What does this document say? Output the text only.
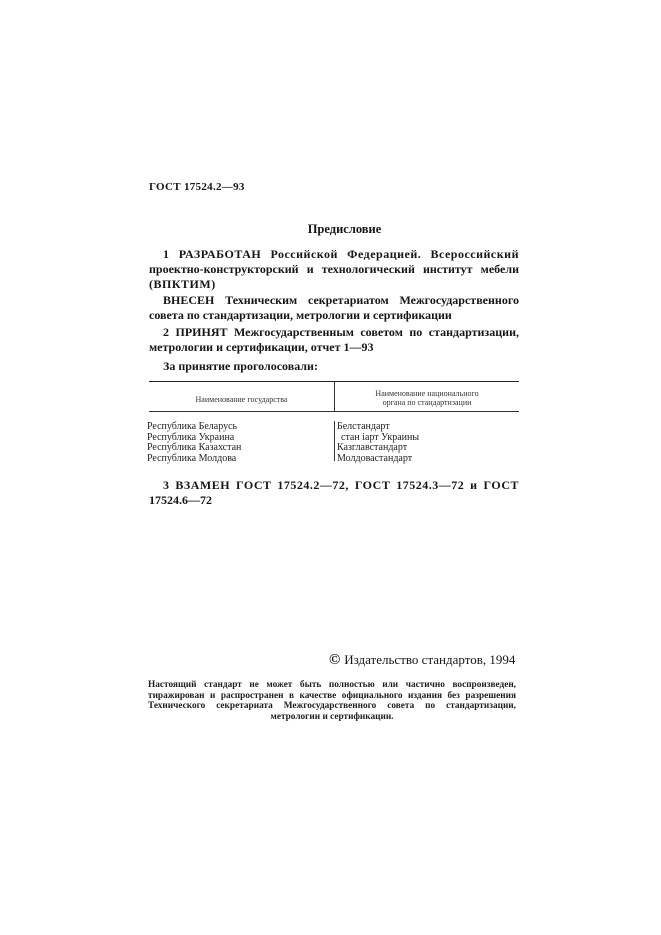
ГОСТ 17524.2—93
Предисловие
1 РАЗРАБОТАН Российской Федерацией. Всероссийский
проектно-конструкторский и технологический институт мебели
(ВПКТИМ)
ВНЕСЕН Техническим секретариатом Межгосударственного
совета по стандартизации, метрологии и сертификации
2 ПРИНЯТ Межгосударственным советом по стандартизации,
метрологии и сертификации, отчет 1—93
За принятие проголосовали:
Наименование государства
Наименование национального
органа по стандартизации
Республика Беларусь
Республика Украина
Республика Казахстан
Республика Молдова
Белстандарт
стан іарт Украины
Казглавстандарт
Молдовастандарт
3 ВЗАМЕН ГОСТ 17524.2—72, ГОСТ 17524.3—72 и ГОСТ
17524.6—72
© Издательство стандартов, 1994
Настоящий стандарт не может быть полностью или частично воспроизведен,
тиражирован и распространен в качестве официального издания без разрешения
Технического секретариата Межгосударственного совета по стандартизации,
метрологии и сертификации.
